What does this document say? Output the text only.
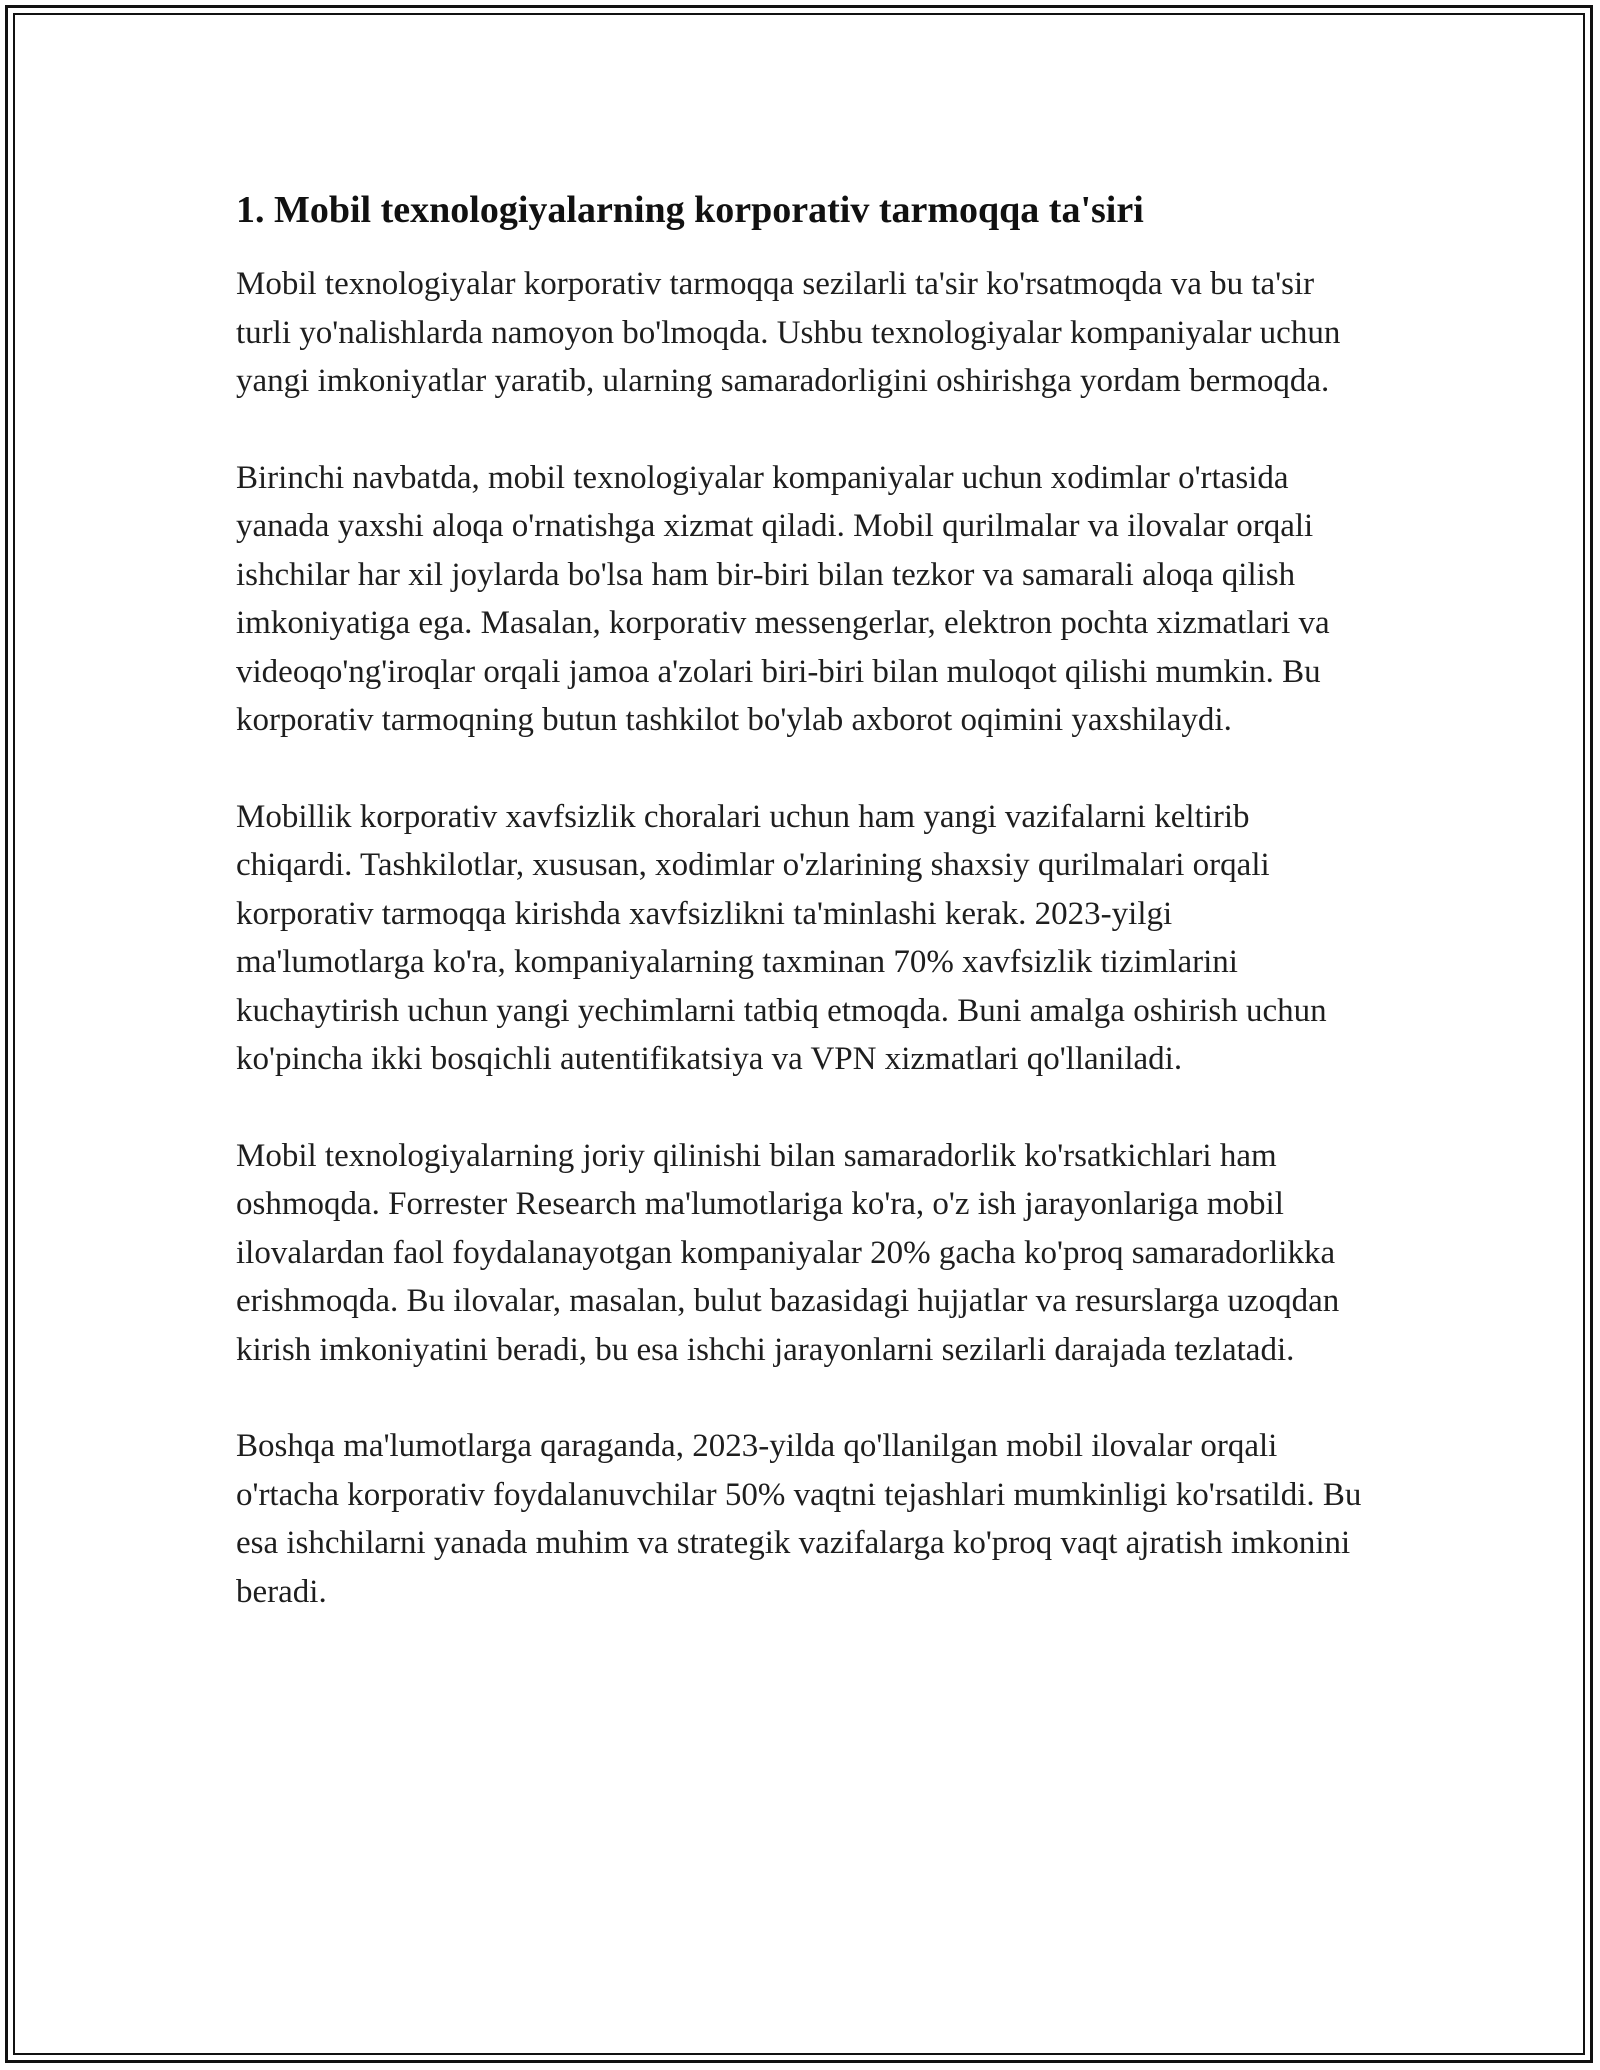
1. Mobil texnologiyalarning korporativ tarmoqqa ta'siri

Mobil texnologiyalar korporativ tarmoqqa sezilarli ta'sir ko'rsatmoqda va bu ta'sir turli yo'nalishlarda namoyon bo'lmoqda. Ushbu texnologiyalar kompaniyalar uchun yangi imkoniyatlar yaratib, ularning samaradorligini oshirishga yordam bermoqda.

Birinchi navbatda, mobil texnologiyalar kompaniyalar uchun xodimlar o'rtasida yanada yaxshi aloqa o'rnatishga xizmat qiladi. Mobil qurilmalar va ilovalar orqali ishchilar har xil joylarda bo'lsa ham bir-biri bilan tezkor va samarali aloqa qilish imkoniyatiga ega. Masalan, korporativ messengerlar, elektron pochta xizmatlari va videoqo'ng'iroqlar orqali jamoa a'zolari biri-biri bilan muloqot qilishi mumkin. Bu korporativ tarmoqning butun tashkilot bo'ylab axborot oqimini yaxshilaydi.

Mobillik korporativ xavfsizlik choralari uchun ham yangi vazifalarni keltirib chiqardi. Tashkilotlar, xususan, xodimlar o'zlarining shaxsiy qurilmalari orqali korporativ tarmoqqa kirishda xavfsizlikni ta'minlashi kerak. 2023-yilgi ma'lumotlarga ko'ra, kompaniyalarning taxminan 70% xavfsizlik tizimlarini kuchaytirish uchun yangi yechimlarni tatbiq etmoqda. Buni amalga oshirish uchun ko'pincha ikki bosqichli autentifikatsiya va VPN xizmatlari qo'llaniladi.

Mobil texnologiyalarning joriy qilinishi bilan samaradorlik ko'rsatkichlari ham oshmoqda. Forrester Research ma'lumotlariga ko'ra, o'z ish jarayonlariga mobil ilovalardan faol foydalanayotgan kompaniyalar 20% gacha ko'proq samaradorlikka erishmoqda. Bu ilovalar, masalan, bulut bazasidagi hujjatlar va resurslarga uzoqdan kirish imkoniyatini beradi, bu esa ishchi jarayonlarni sezilarli darajada tezlatadi.

Boshqa ma'lumotlarga qaraganda, 2023-yilda qo'llanilgan mobil ilovalar orqali o'rtacha korporativ foydalanuvchilar 50% vaqtni tejashlari mumkinligi ko'rsatildi. Bu esa ishchilarni yanada muhim va strategik vazifalarga ko'proq vaqt ajratish imkonini beradi.
